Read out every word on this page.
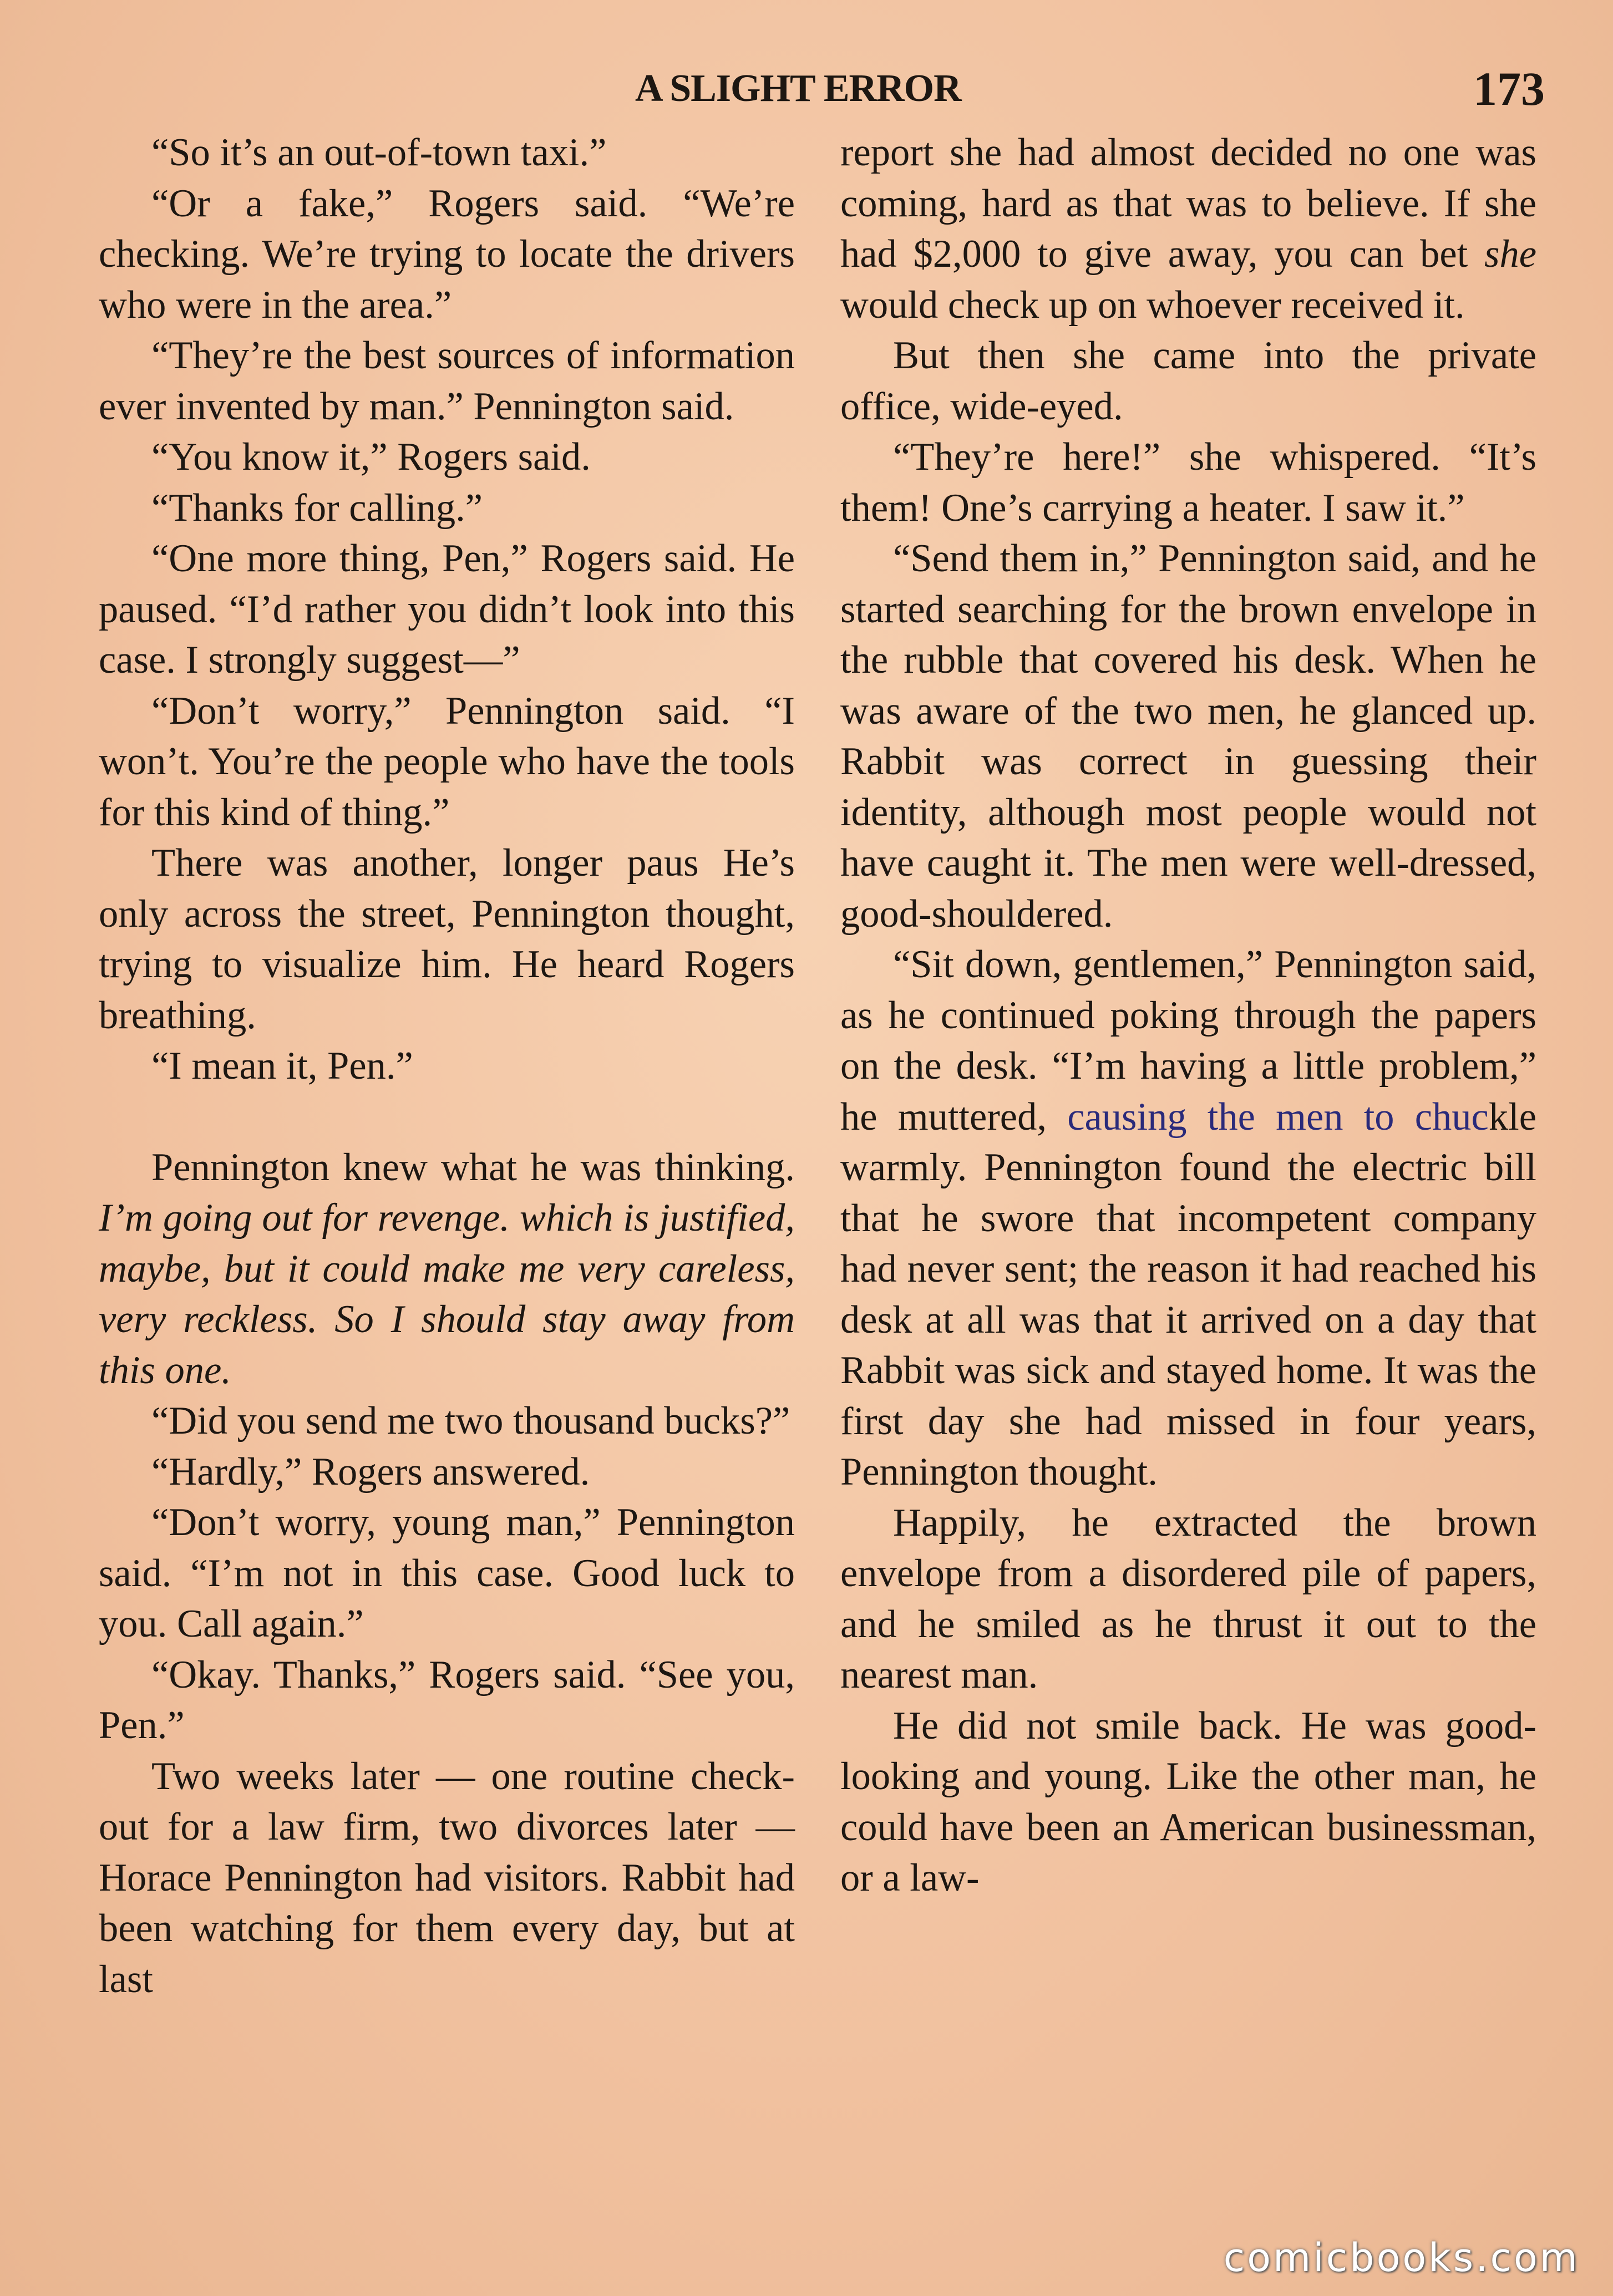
A SLIGHT ERROR	173

“So it’s an out-of-town taxi.”

“Or a fake,” Rogers said. “We’re checking. We’re trying to locate the drivers who were in the area.”

“They’re the best sources of information ever invented by man.” Pennington said.

“You know it,” Rogers said.

“Thanks for calling.”

“One more thing, Pen,” Rogers said. He paused. “I’d rather you didn’t look into this case. I strongly suggest—”

“Don’t worry,” Pennington said. “I won’t. You’re the people who have the tools for this kind of thing.”

There was another, longer paus He’s only across the street, Pennington thought, trying to visualize him. He heard Rogers breathing.

“I mean it, Pen.”

Pennington knew what he was thinking. I’m going out for revenge. which is justified, maybe, but it could make me very careless, very reckless. So I should stay away from this one.

“Did you send me two thousand bucks?”

“Hardly,” Rogers answered.

“Don’t worry, young man,” Pennington said. “I’m not in this case. Good luck to you. Call again.”

“Okay. Thanks,” Rogers said. “See you, Pen.”

Two weeks later — one routine check-out for a law firm, two divorces later — Horace Pennington had visitors. Rabbit had been watching for them every day, but at last

report she had almost decided no one was coming, hard as that was to believe. If she had $2,000 to give away, you can bet she would check up on whoever received it.

But then she came into the private office, wide-eyed.

“They’re here!” she whispered. “It’s them! One’s carrying a heater. I saw it.”

“Send them in,” Pennington said, and he started searching for the brown envelope in the rubble that covered his desk. When he was aware of the two men, he glanced up. Rabbit was correct in guessing their identity, although most people would not have caught it. The men were well-dressed, good-shouldered.

“Sit down, gentlemen,” Pennington said, as he continued poking through the papers on the desk. “I’m having a little problem,” he muttered, causing the men to chuckle warmly. Pennington found the electric bill that he swore that incompetent company had never sent; the reason it had reached his desk at all was that it arrived on a day that Rabbit was sick and stayed home. It was the first day she had missed in four years, Pennington thought.

Happily, he extracted the brown envelope from a disordered pile of papers, and he smiled as he thrust it out to the nearest man.

He did not smile back. He was good-looking and young. Like the other man, he could have been an American businessman, or a law-

comicbooks.com
